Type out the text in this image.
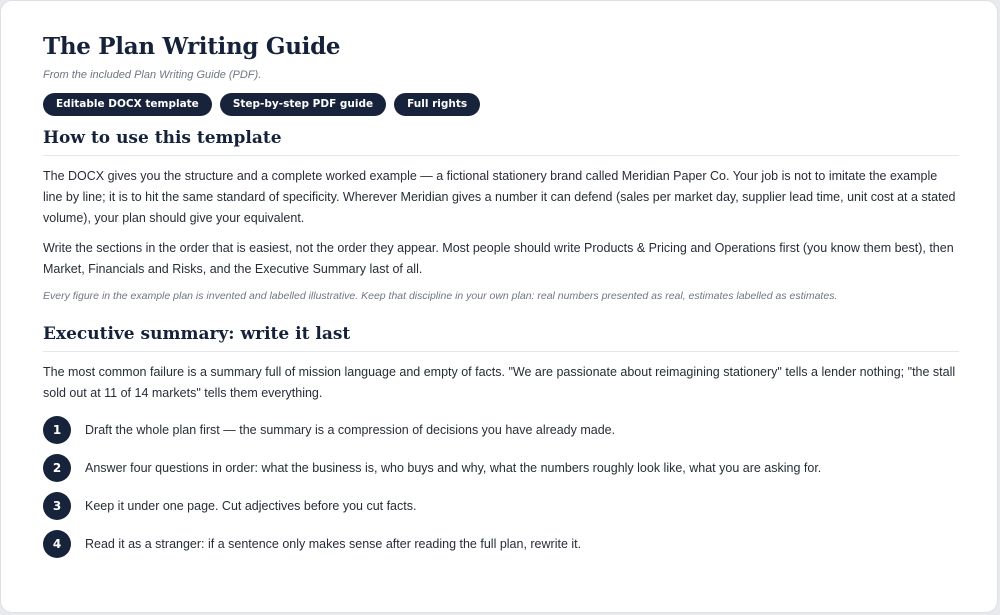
The Plan Writing Guide

From the included Plan Writing Guide (PDF).

Editable DOCX template	Step-by-step PDF guide	Full rights
How to use this template

The DOCX gives you the structure and a complete worked example — a fictional stationery brand called Meridian Paper Co. Your job is not to imitate the example line by line; it is to hit the same standard of specificity. Wherever Meridian gives a number it can defend (sales per market day, supplier lead time, unit cost at a stated volume), your plan should give your equivalent.

Write the sections in the order that is easiest, not the order they appear. Most people should write Products & Pricing and Operations first (you know them best), then Market, Financials and Risks, and the Executive Summary last of all.

Every figure in the example plan is invented and labelled illustrative. Keep that discipline in your own plan: real numbers presented as real, estimates labelled as estimates.

Executive summary: write it last

The most common failure is a summary full of mission language and empty of facts. "We are passionate about reimagining stationery" tells a lender nothing; "the stall sold out at 11 of 14 markets" tells them everything.

1	Draft the whole plan first — the summary is a compression of decisions you have already made.
2	Answer four questions in order: what the business is, who buys and why, what the numbers roughly look like, what you are asking for.
3	Keep it under one page. Cut adjectives before you cut facts.
4	Read it as a stranger: if a sentence only makes sense after reading the full plan, rewrite it.
